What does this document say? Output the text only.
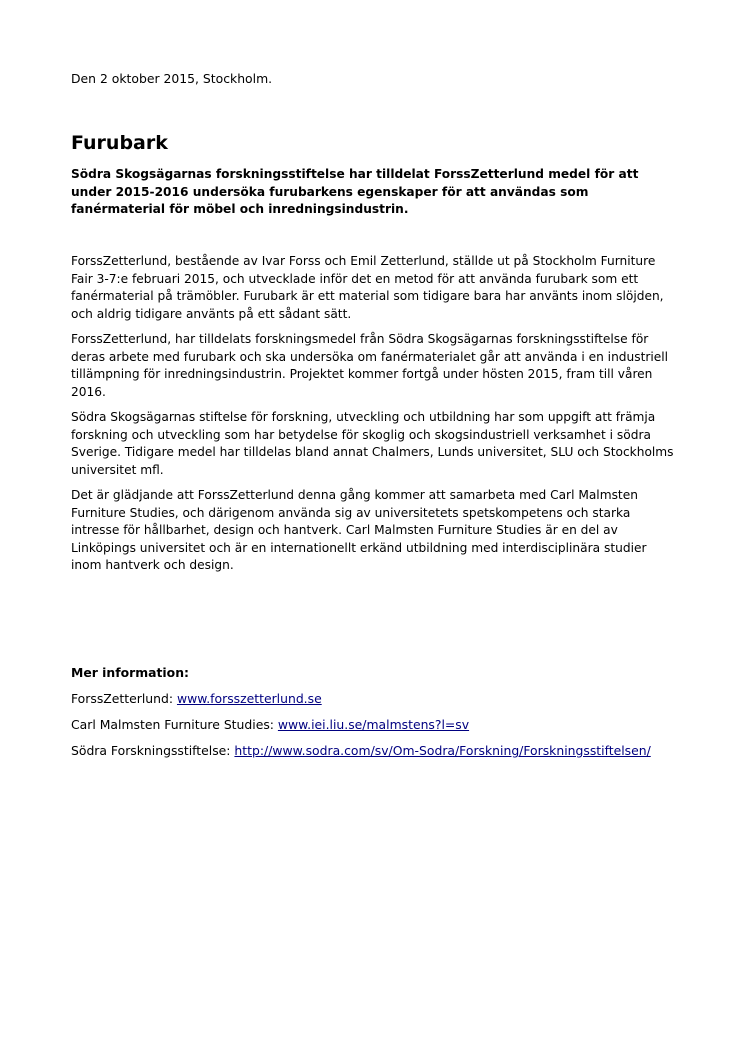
Den 2 oktober 2015, Stockholm.
Furubark

Södra Skogsägarnas forskningsstiftelse har tilldelat ForssZetterlund medel för att under 2015-2016 undersöka furubarkens egenskaper för att användas som fanérmaterial för möbel och inredningsindustrin.

ForssZetterlund, bestående av Ivar Forss och Emil Zetterlund, ställde ut på Stockholm Furniture Fair 3-7:e februari 2015, och utvecklade inför det en metod för att använda furubark som ett fanérmaterial på trämöbler. Furubark är ett material som tidigare bara har använts inom slöjden, och aldrig tidigare använts på ett sådant sätt.

ForssZetterlund, har tilldelats forskningsmedel från Södra Skogsägarnas forskningsstiftelse för deras arbete med furubark och ska undersöka om fanérmaterialet går att använda i en industriell tillämpning för inredningsindustrin. Projektet kommer fortgå under hösten 2015, fram till våren 2016.

Södra Skogsägarnas stiftelse för forskning, utveckling och utbildning har som uppgift att främja forskning och utveckling som har betydelse för skoglig och skogsindustriell verksamhet i södra Sverige. Tidigare medel har tilldelas bland annat Chalmers, Lunds universitet, SLU och Stockholms universitet mfl.

Det är glädjande att ForssZetterlund denna gång kommer att samarbeta med Carl Malmsten Furniture Studies, och därigenom använda sig av universitetets spetskompetens och starka intresse för hållbarhet, design och hantverk. Carl Malmsten Furniture Studies är en del av Linköpings universitet och är en internationellt erkänd utbildning med interdisciplinära studier inom hantverk och design.

Mer information:
ForssZetterlund: www.forsszetterlund.se
Carl Malmsten Furniture Studies: www.iei.liu.se/malmstens?l=sv
Södra Forskningsstiftelse: http://www.sodra.com/sv/Om-Sodra/Forskning/Forskningsstiftelsen/
